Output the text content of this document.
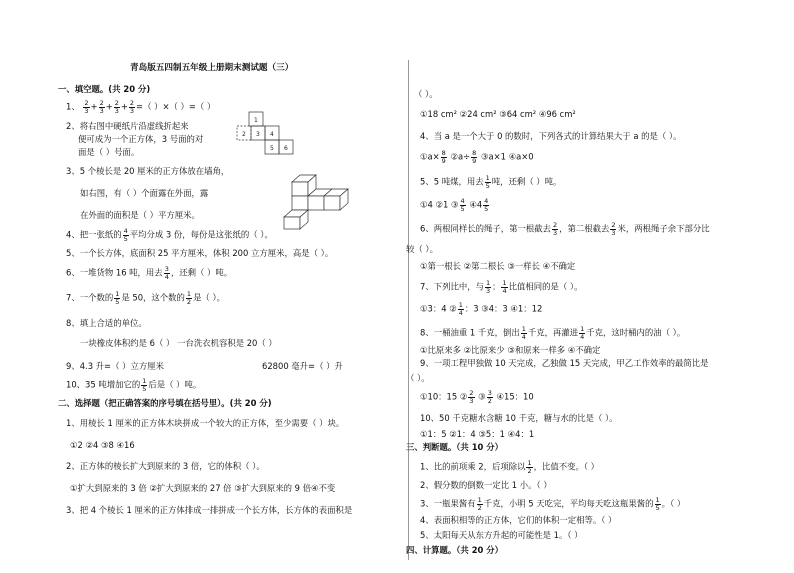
青岛版五四制五年级上册期末测试题（三）
一、填空题。(共 20 分)
1、 $\frac{2}{3} + \frac{2}{3} + \frac{2}{3} + \frac{2}{3}$ =（ ）×（ ）=（ ）
2、将右图中硬纸片沿虚线折起来
便可成为一个正方体，3 号面的对
面是（ ）号面。
1
2 3 4
5 6
3、5 个棱长是 20 厘米的正方体放在墙角，
如右图，有（ ）个面露在外面，露
在外面的面积是（ ）平方厘米。
4、把一张纸的 $\frac{4}{5}$ 平均分成 3 份，每份是这张纸的（ ）。
5、一个长方体，底面积 25 平方厘米，体积 200 立方厘米，高是（ ）。
6、一堆货物 16 吨，用去 $\frac{3}{4}$ ，还剩（ ）吨。
7、一个数的 $\frac{1}{5}$ 是 50，这个数的 $\frac{1}{2}$ 是（ ）。
8、填上合适的单位。
一块橡皮体积约是 6（ ） 一台洗衣机容积是 20（ ）
9、4.3 升=（ ）立方厘米	62800 毫升=（ ）升
10、35 吨增加它的 $\frac{1}{5}$ 后是（ ）吨。
二、选择题（把正确答案的序号填在括号里）。(共 20 分)
1、用棱长 1 厘米的正方体木块拼成一个较大的正方体，至少需要（ ）块。
①2 ②4 ③8 ④16
2、正方体的棱长扩大到原来的 3 倍，它的体积（ ）。
①扩大到原来的 3 倍 ②扩大到原来的 27 倍 ③扩大到原来的 9 倍④不变
3、把 4 个棱长 1 厘米的正方体排成一排拼成一个长方体，长方体的表面积是
（ ）。
①18 cm² ②24 cm² ③64 cm² ④96 cm²
4、当 a 是一个大于 0 的数时，下列各式的计算结果大于 a 的是（ ）。
①a× $\frac{8}{9}$ ②a÷ $\frac{8}{9}$ ③a×1 ④a×0
5、5 吨煤，用去 $\frac{1}{5}$ 吨，还剩（ ）吨。
①4 ②1 ③ $\frac{4}{5}$ ④4 $\frac{4}{5}$
6、两根同样长的绳子，第一根截去 $\frac{2}{3}$ ，第二根截去 $\frac{2}{3}$ 米，两根绳子余下部分比
较（ ）。
①第一根长 ②第二根长 ③一样长 ④不确定
7、下列比中，与 $\frac{1}{3}$ ： $\frac{1}{4}$ 比值相同的是（ ）。
①3：4 ② $\frac{1}{4}$ ：3 ③4：3 ④1：12
8、一桶油重 1 千克，倒出 $\frac{1}{4}$ 千克，再灌进 $\frac{1}{4}$ 千克，这时桶内的油（ ）。
①比原来多 ②比原来少 ③和原来一样多 ④不确定
9、一项工程甲独做 10 天完成，乙独做 15 天完成，甲乙工作效率的最简比是
（ ）。
①10：15 ② $\frac{2}{3}$ ③ $\frac{3}{2}$ ④15：10
10、50 千克糖水含糖 10 千克，糖与水的比是（ ）。
①1：5 ②1：4 ③5：1 ④4：1
三、判断题。（共 10 分）
1、比的前项乘 2，后项除以 $\frac{1}{2}$ ，比值不变。（ ）
2、假分数的倒数一定比 1 小。（ ）
3、一瓶果酱有 $\frac{1}{2}$ 千克，小明 5 天吃完，平均每天吃这瓶果酱的 $\frac{1}{5}$ 。（ ）
4、表面积相等的正方体，它们的体积一定相等。（ ）
5、太阳每天从东方升起的可能性是 1。（ ）
四、计算题。（共 20 分）
